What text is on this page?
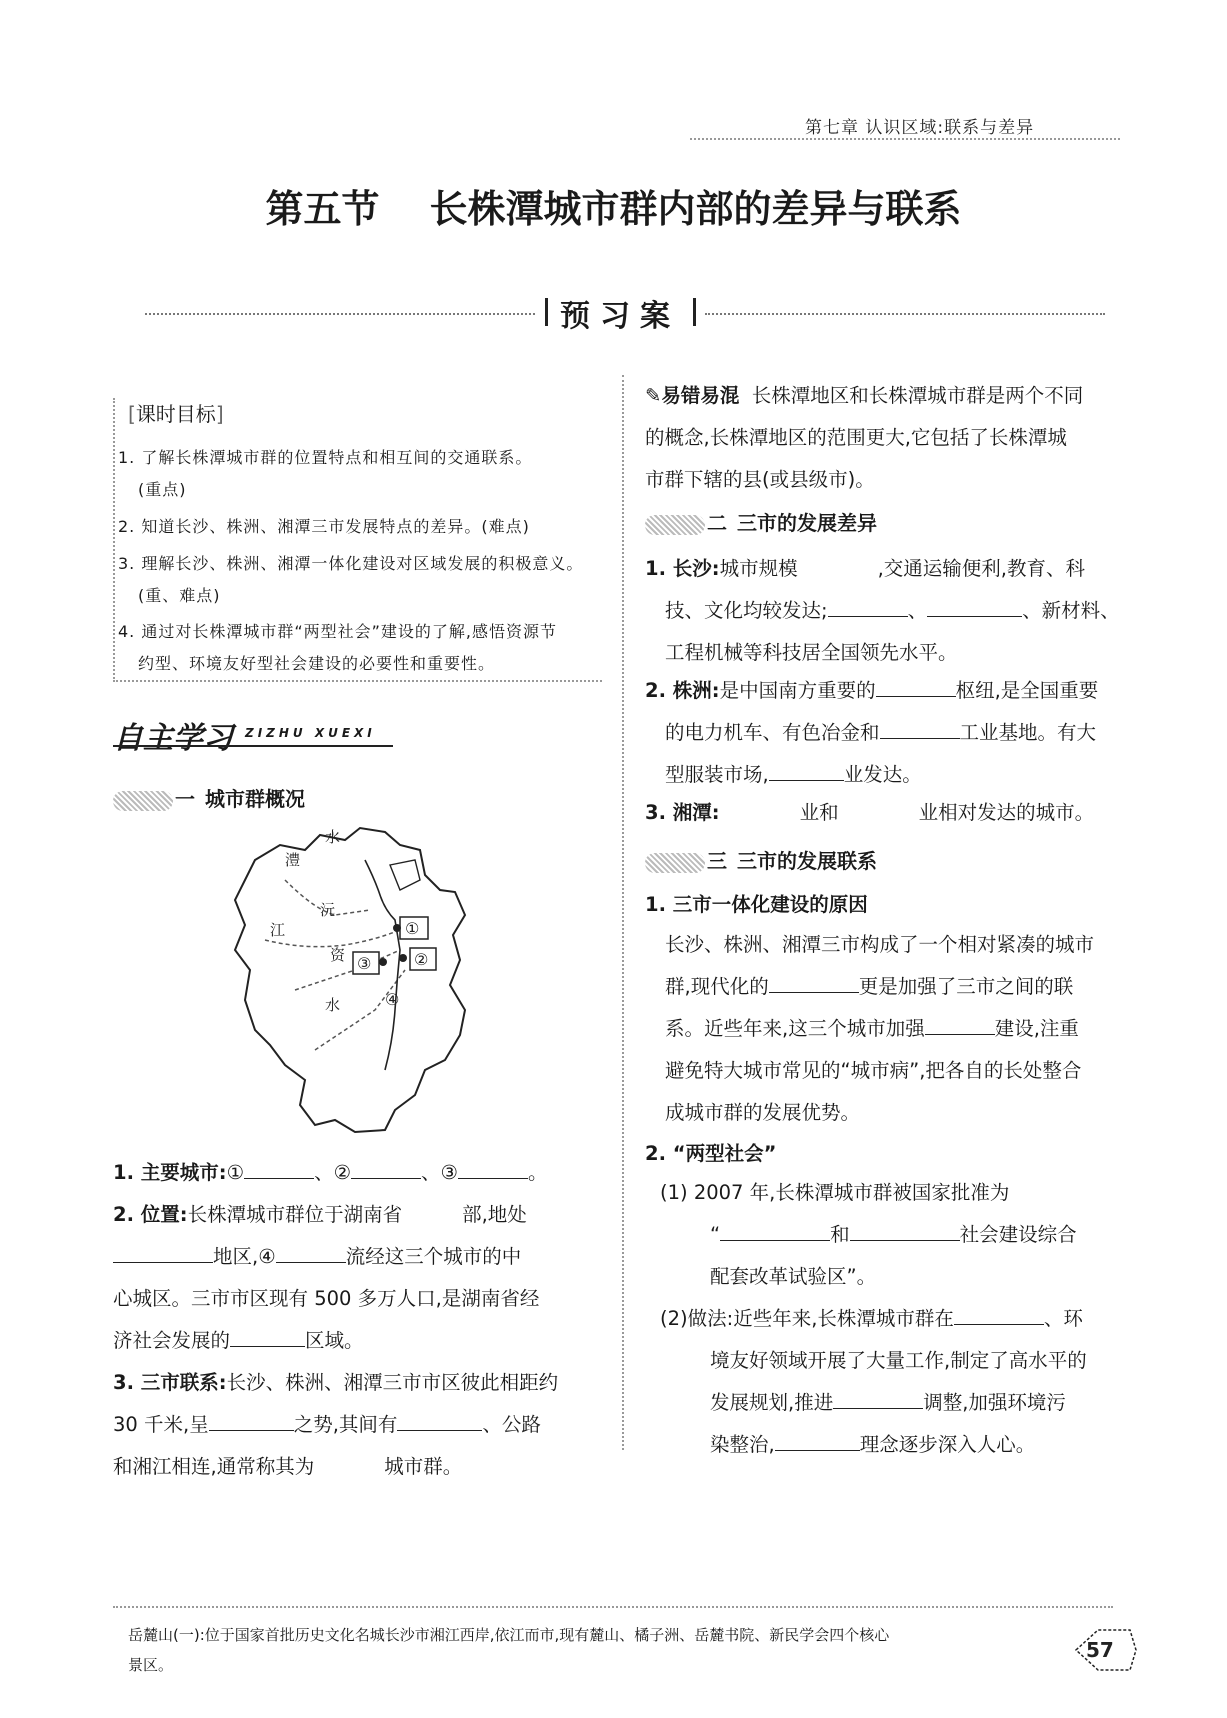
第七章 认识区域:联系与差异
第五节 长株潭城市群内部的差异与联系
预习案
[课时目标]
1. 了解长株潭城市群的位置特点和相互间的交通联系。
(重点)
2. 知道长沙、株洲、湘潭三市发展特点的差异。(难点)
3. 理解长沙、株洲、湘潭一体化建设对区域发展的积极意义。
(重、难点)
4. 通过对长株潭城市群“两型社会”建设的了解,感悟资源节
约型、环境友好型社会建设的必要性和重要性。
自主学习 ZIZHU XUEXI
一 城市群概况
澧
水
沅
江
资
水
①
②
③
④
1. 主要城市:①	、②	、③	。
2. 位置:长株潭城市群位于湖南省	部,地处
地区,④	流经这三个城市的中
心城区。三市市区现有 500 多万人口,是湖南省经
济社会发展的	区域。
3. 三市联系:长沙、株洲、湘潭三市市区彼此相距约
30 千米,呈	之势,其间有	、公路
和湘江相连,通常称其为	城市群。
✎易错易混 长株潭地区和长株潭城市群是两个不同
的概念,长株潭地区的范围更大,它包括了长株潭城
市群下辖的县(或县级市)。
二 三市的发展差异
1. 长沙:城市规模	,交通运输便利,教育、科
技、文化均较发达;	、	、新材料、
工程机械等科技居全国领先水平。
2. 株洲:是中国南方重要的	枢纽,是全国重要
的电力机车、有色冶金和	工业基地。有大
型服装市场,	业发达。
3. 湘潭:	业和	业相对发达的城市。
三 三市的发展联系
1. 三市一体化建设的原因
长沙、株洲、湘潭三市构成了一个相对紧凑的城市
群,现代化的	更是加强了三市之间的联
系。近些年来,这三个城市加强	建设,注重
避免特大城市常见的“城市病”,把各自的长处整合
成城市群的发展优势。
2. “两型社会”
(1) 2007 年,长株潭城市群被国家批准为
“	和	社会建设综合
配套改革试验区”。
(2)做法:近些年来,长株潭城市群在	、环
境友好领域开展了大量工作,制定了高水平的
发展规划,推进	调整,加强环境污
染整治,	理念逐步深入人心。
岳麓山(一):位于国家首批历史文化名城长沙市湘江西岸,依江而市,现有麓山、橘子洲、岳麓书院、新民学会四个核心
景区。
57
